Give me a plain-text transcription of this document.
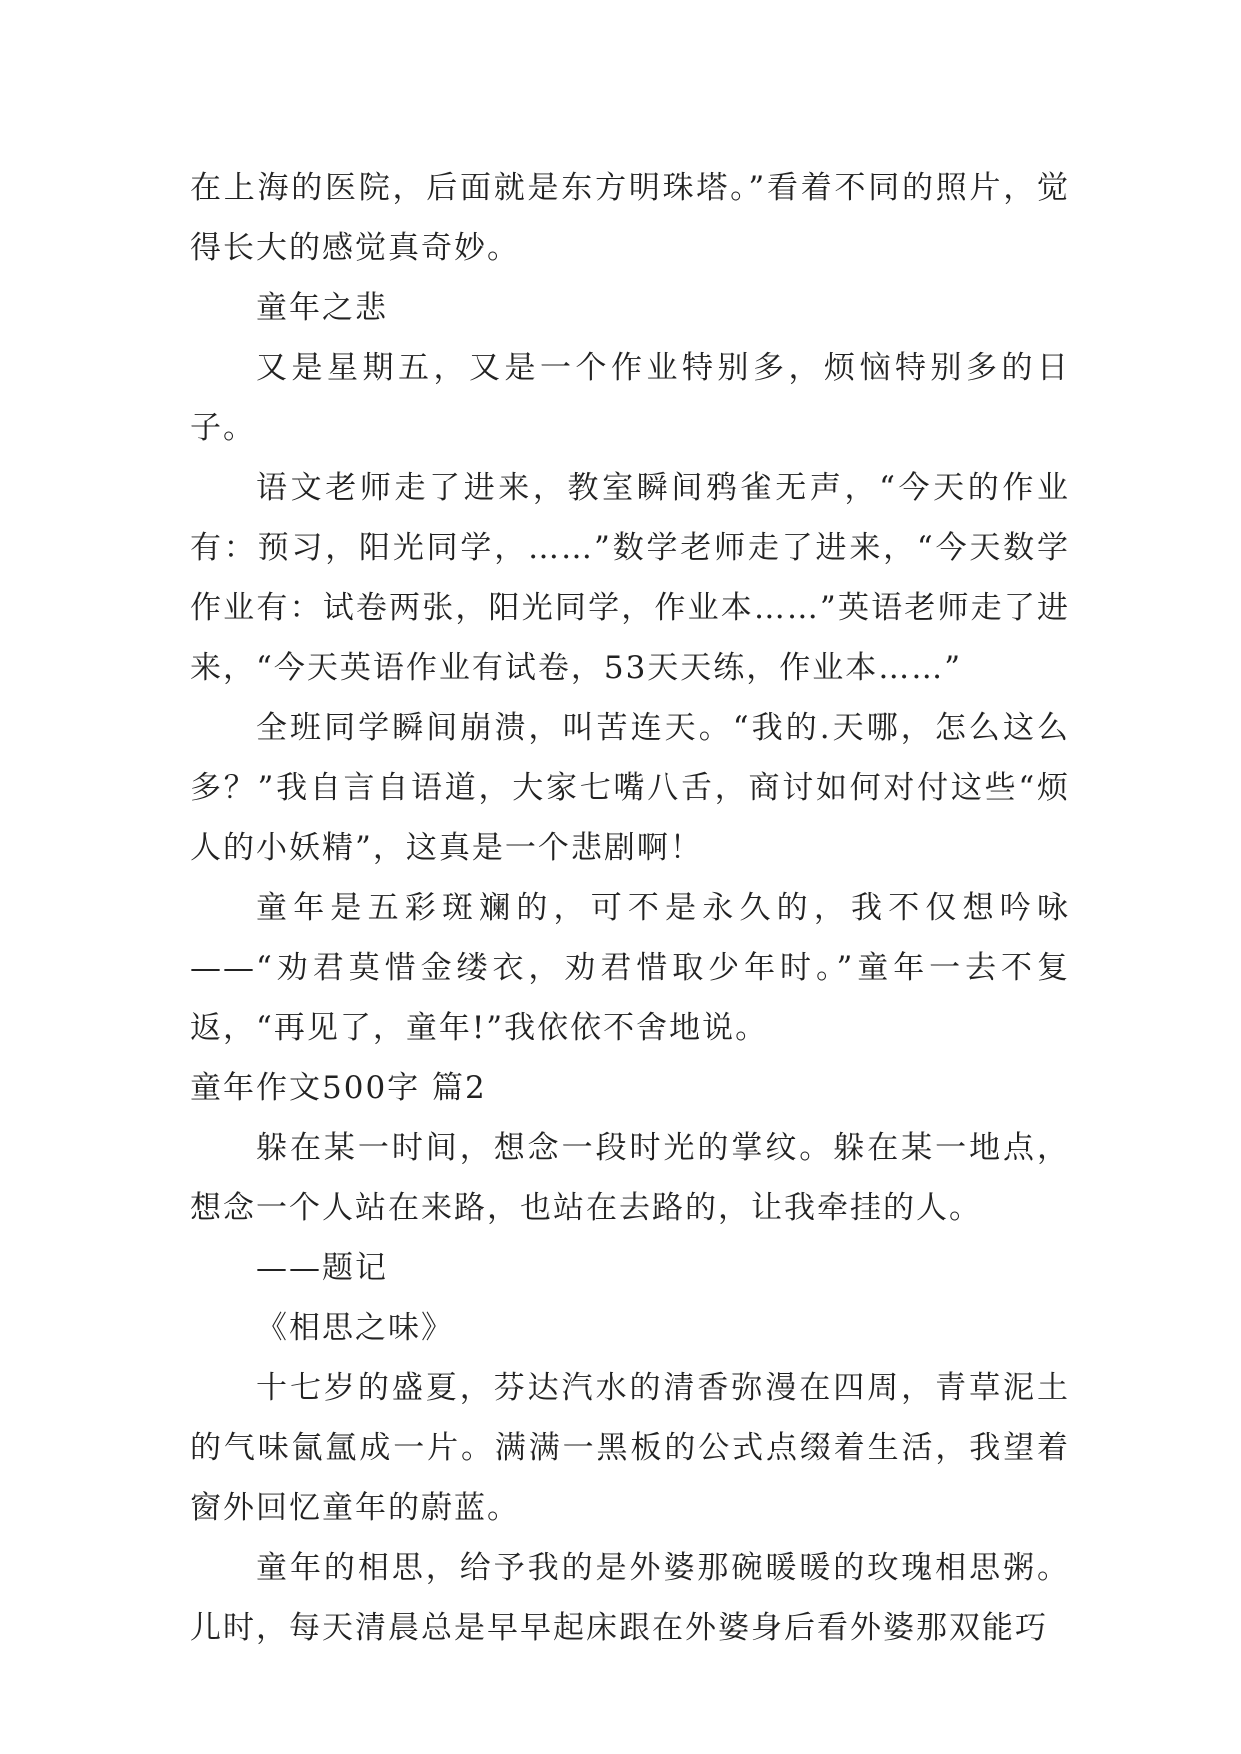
在上海的医院，后面就是东方明珠塔。”看着不同的照片，觉得长大的感觉真奇妙。

童年之悲

又是星期五，又是一个作业特别多，烦恼特别多的日子。

语文老师走了进来，教室瞬间鸦雀无声，“今天的作业有：预习，阳光同学，……”数学老师走了进来，“今天数学作业有：试卷两张，阳光同学，作业本……”英语老师走了进来，“今天英语作业有试卷，53天天练，作业本……”

全班同学瞬间崩溃，叫苦连天。“我的.天哪，怎么这么多？”我自言自语道，大家七嘴八舌，商讨如何对付这些“烦人的小妖精”，这真是一个悲剧啊！

童年是五彩斑斓的，可不是永久的，我不仅想吟咏——“劝君莫惜金缕衣，劝君惜取少年时。”童年一去不复返，“再见了，童年!”我依依不舍地说。

童年作文500字 篇2

躲在某一时间，想念一段时光的掌纹。躲在某一地点，想念一个人站在来路，也站在去路的，让我牵挂的人。

——题记

《相思之味》

十七岁的盛夏，芬达汽水的清香弥漫在四周，青草泥土的气味氤氲成一片。满满一黑板的公式点缀着生活，我望着窗外回忆童年的蔚蓝。

童年的相思，给予我的是外婆那碗暖暖的玫瑰相思粥。儿时，每天清晨总是早早起床跟在外婆身后看外婆那双能巧
